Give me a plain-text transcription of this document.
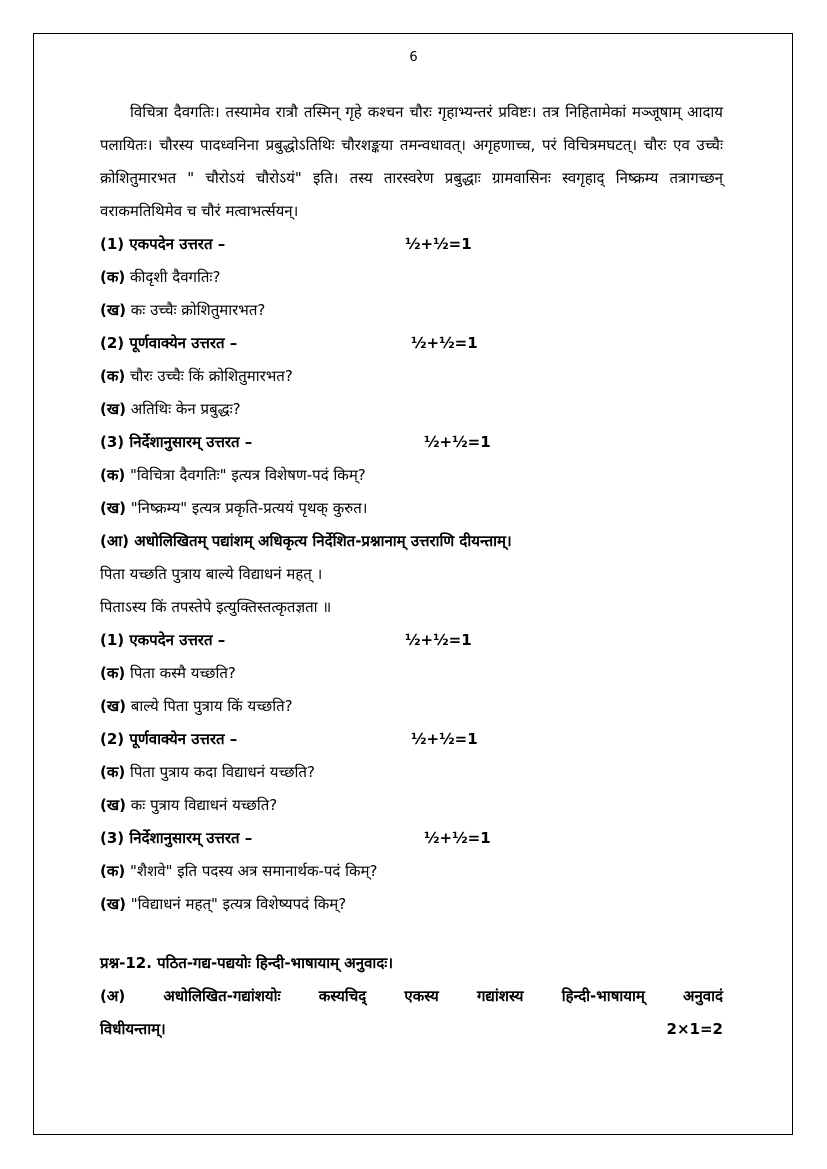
6

विचित्रा दैवगतिः। तस्यामेव रात्रौ तस्मिन् गृहे कश्चन चौरः गृहाभ्यन्तरं प्रविष्टः। तत्र निहितामेकां मञ्जूषाम् आदाय पलायितः। चौरस्य पादध्वनिना प्रबुद्धोऽतिथिः चौरशङ्कया तमन्वधावत्। अगृहणाच्च, परं विचित्रमघटत्। चौरः एव उच्चैः क्रोशितुमारभत " चौरोऽयं चौरोऽयं" इति। तस्य तारस्वरेण प्रबुद्धाः ग्रामवासिनः स्वगृहाद् निष्क्रम्य तत्रागच्छन् वराकमतिथिमेव च चौरं मत्वाभर्त्सयन्।

(1) एकपदेन उत्तरत –	½+½=1
(क) कीदृशी दैवगतिः?
(ख) कः उच्चैः क्रोशितुमारभत?
(2) पूर्णवाक्येन उत्तरत –	½+½=1
(क) चौरः उच्चैः किं क्रोशितुमारभत?
(ख) अतिथिः केन प्रबुद्धः?
(3) निर्देशानुसारम् उत्तरत –	½+½=1
(क) "विचित्रा दैवगतिः" इत्यत्र विशेषण-पदं किम्?
(ख) "निष्क्रम्य" इत्यत्र प्रकृति-प्रत्ययं पृथक् कुरुत।
(आ) अधोलिखितम् पद्यांशम् अधिकृत्य निर्देशित-प्रश्नानाम् उत्तराणि दीयन्ताम्।
पिता यच्छति पुत्राय बाल्ये विद्याधनं महत् ।
पिताऽस्य किं तपस्तेपे इत्युक्तिस्तत्कृतज्ञता ॥
(1) एकपदेन उत्तरत –	½+½=1
(क) पिता कस्मै यच्छति?
(ख) बाल्ये पिता पुत्राय किं यच्छति?
(2) पूर्णवाक्येन उत्तरत –	½+½=1
(क) पिता पुत्राय कदा विद्याधनं यच्छति?
(ख) कः पुत्राय विद्याधनं यच्छति?
(3) निर्देशानुसारम् उत्तरत –	½+½=1
(क) "शैशवे" इति पदस्य अत्र समानार्थक-पदं किम्?
(ख) "विद्याधनं महत्" इत्यत्र विशेष्यपदं किम्?
प्रश्न-12. पठित-गद्य-पद्ययोः हिन्दी-भाषायाम् अनुवादः।
(अ) अधोलिखित-गद्यांशयोः कस्यचिद् एकस्य गद्यांशस्य हिन्दी-भाषायाम् अनुवादं
विधीयन्ताम्।	2×1=2
